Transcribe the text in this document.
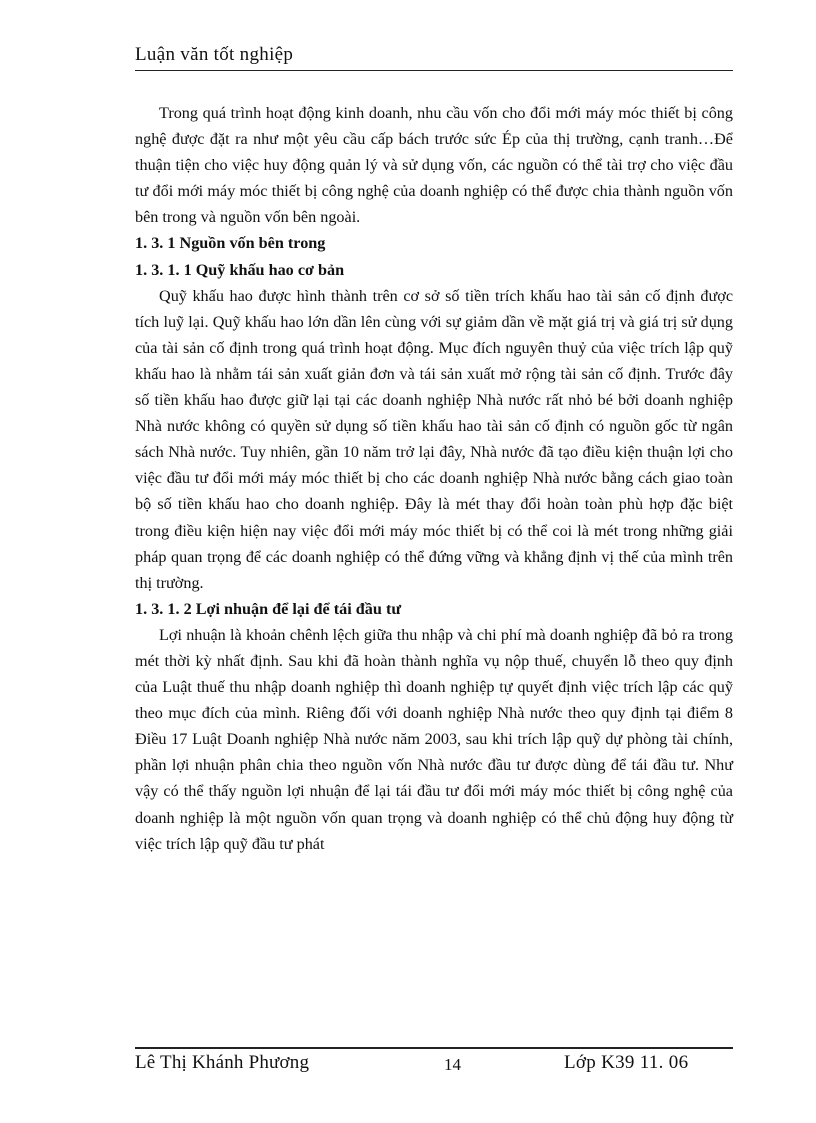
Luận văn tốt nghiệp

Trong quá trình hoạt động kinh doanh, nhu cầu vốn cho đổi mới máy móc thiết bị công nghệ được đặt ra như một yêu cầu cấp bách trước sức Ép của thị trường, cạnh tranh…Để thuận tiện cho việc huy động quản lý và sử dụng vốn, các nguồn có thể tài trợ cho việc đầu tư đổi mới máy móc thiết bị công nghệ của doanh nghiệp có thể được chia thành nguồn vốn bên trong và nguồn vốn bên ngoài.

1. 3. 1 Nguồn vốn bên trong
1. 3. 1. 1 Quỹ khấu hao cơ bản

Quỹ khấu hao được hình thành trên cơ sở số tiền trích khấu hao tài sản cố định được tích luỹ lại. Quỹ khấu hao lớn dần lên cùng với sự giảm dần về mặt giá trị và giá trị sử dụng của tài sản cố định trong quá trình hoạt động. Mục đích nguyên thuỷ của việc trích lập quỹ khấu hao là nhằm tái sản xuất giản đơn và tái sản xuất mở rộng tài sản cố định. Trước đây số tiền khấu hao được giữ lại tại các doanh nghiệp Nhà nước rất nhỏ bé bởi doanh nghiệp Nhà nước không có quyền sử dụng số tiền khấu hao tài sản cố định có nguồn gốc từ ngân sách Nhà nước. Tuy nhiên, gần 10 năm trở lại đây, Nhà nước đã tạo điều kiện thuận lợi cho việc đầu tư đổi mới máy móc thiết bị cho các doanh nghiệp Nhà nước bằng cách giao toàn bộ số tiền khấu hao cho doanh nghiệp. Đây là mét thay đổi hoàn toàn phù hợp đặc biệt trong điều kiện hiện nay việc đổi mới máy móc thiết bị có thể coi là mét trong những giải pháp quan trọng để các doanh nghiệp có thể đứng vững và khẳng định vị thế của mình trên thị trường.

1. 3. 1. 2 Lợi nhuận để lại để tái đầu tư

Lợi nhuận là khoản chênh lệch giữa thu nhập và chi phí mà doanh nghiệp đã bỏ ra trong mét thời kỳ nhất định. Sau khi đã hoàn thành nghĩa vụ nộp thuế, chuyển lỗ theo quy định của Luật thuế thu nhập doanh nghiệp thì doanh nghiệp tự quyết định việc trích lập các quỹ theo mục đích của mình. Riêng đối với doanh nghiệp Nhà nước theo quy định tại điểm 8 Điều 17 Luật Doanh nghiệp Nhà nước năm 2003, sau khi trích lập quỹ dự phòng tài chính, phần lợi nhuận phân chia theo nguồn vốn Nhà nước đầu tư được dùng để tái đầu tư. Như vậy có thể thấy nguồn lợi nhuận để lại tái đầu tư đổi mới máy móc thiết bị công nghệ của doanh nghiệp là một nguồn vốn quan trọng và doanh nghiệp có thể chủ động huy động từ việc trích lập quỹ đầu tư phát

Lê Thị Khánh Phương	14	Lớp K39 11. 06
